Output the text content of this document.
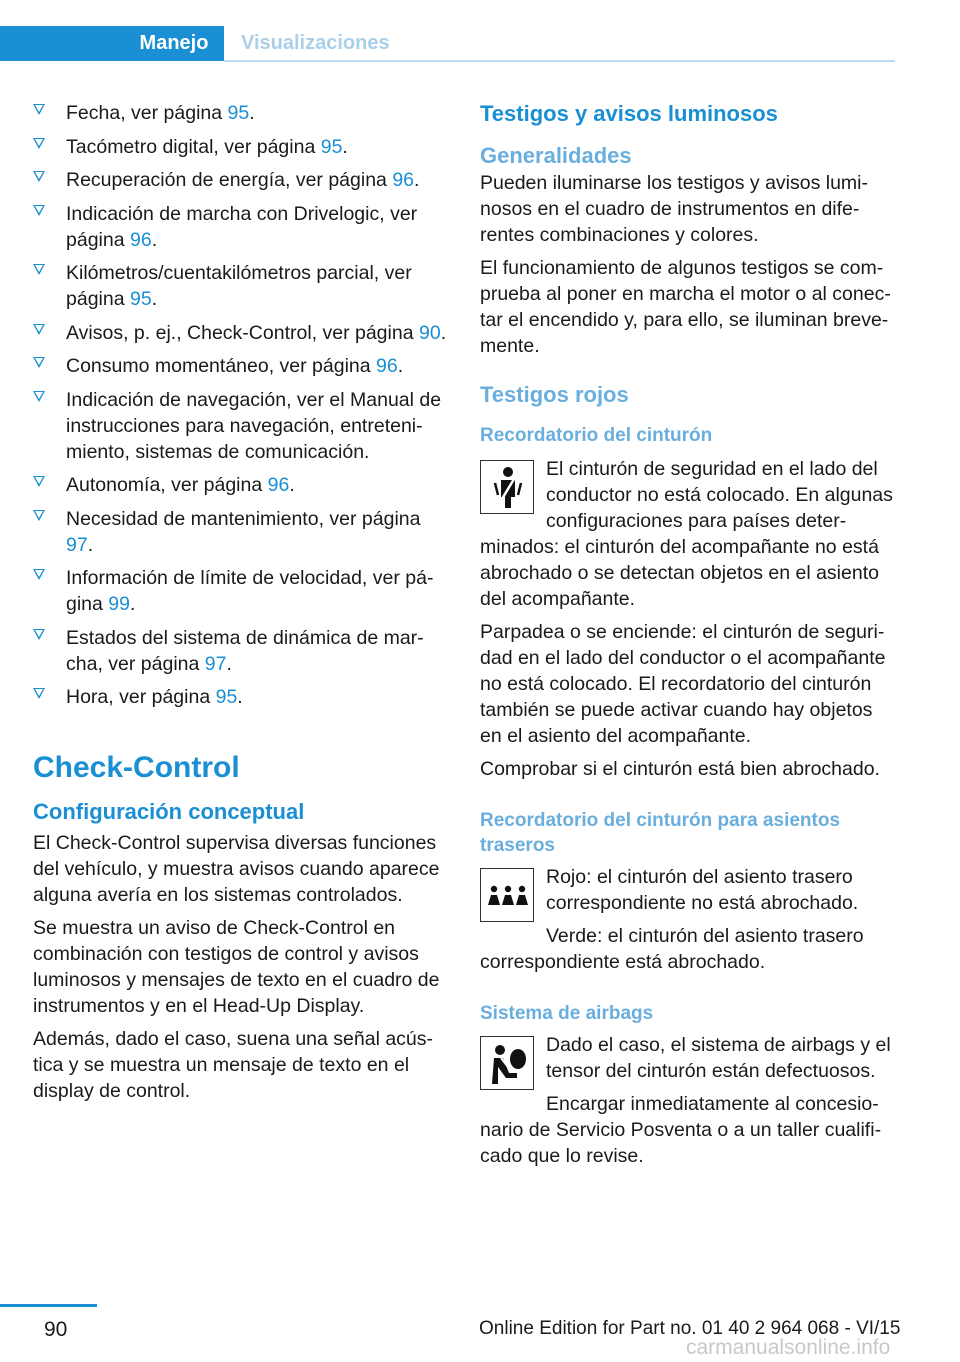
Manejo	Visualizaciones
Fecha, ver página 95.
Tacómetro digital, ver página 95.
Recuperación de energía, ver página 96.
Indicación de marcha con Drivelogic, ver página 96.
Kilómetros/cuentakilómetros parcial, ver página 95.
Avisos, p. ej., Check-Control, ver página 90.
Consumo momentáneo, ver página 96.
Indicación de navegación, ver el Manual de instrucciones para navegación, entretenimiento, sistemas de comunicación.
Autonomía, ver página 96.
Necesidad de mantenimiento, ver página 97.
Información de límite de velocidad, ver página 99.
Estados del sistema de dinámica de marcha, ver página 97.
Hora, ver página 95.
Check-Control
Configuración conceptual

El Check-Control supervisa diversas funciones del vehículo, y muestra avisos cuando aparece alguna avería en los sistemas controlados.

Se muestra un aviso de Check-Control en combinación con testigos de control y avisos luminosos y mensajes de texto en el cuadro de instrumentos y en el Head-Up Display.

Además, dado el caso, suena una señal acústica y se muestra un mensaje de texto en el display de control.

Testigos y avisos luminosos
Generalidades

Pueden iluminarse los testigos y avisos luminosos en el cuadro de instrumentos en diferentes combinaciones y colores.

El funcionamiento de algunos testigos se comprueba al poner en marcha el motor o al conectar el encendido y, para ello, se iluminan brevemente.

Testigos rojos
Recordatorio del cinturón

El cinturón de seguridad en el lado del conductor no está colocado. En algunas configuraciones para países determinados: el cinturón del acompañante no está abrochado o se detectan objetos en el asiento del acompañante.

Parpadea o se enciende: el cinturón de seguridad en el lado del conductor o el acompañante no está colocado. El recordatorio del cinturón también se puede activar cuando hay objetos en el asiento del acompañante.

Comprobar si el cinturón está bien abrochado.

Recordatorio del cinturón para asientos traseros

Rojo: el cinturón del asiento trasero correspondiente no está abrochado.

Verde: el cinturón del asiento trasero correspondiente está abrochado.

Sistema de airbags

Dado el caso, el sistema de airbags y el tensor del cinturón están defectuosos.

Encargar inmediatamente al concesionario de Servicio Posventa o a un taller cualificado que lo revise.

90	Online Edition for Part no. 01 40 2 964 068 - VI/15
carmanualsonline.info
